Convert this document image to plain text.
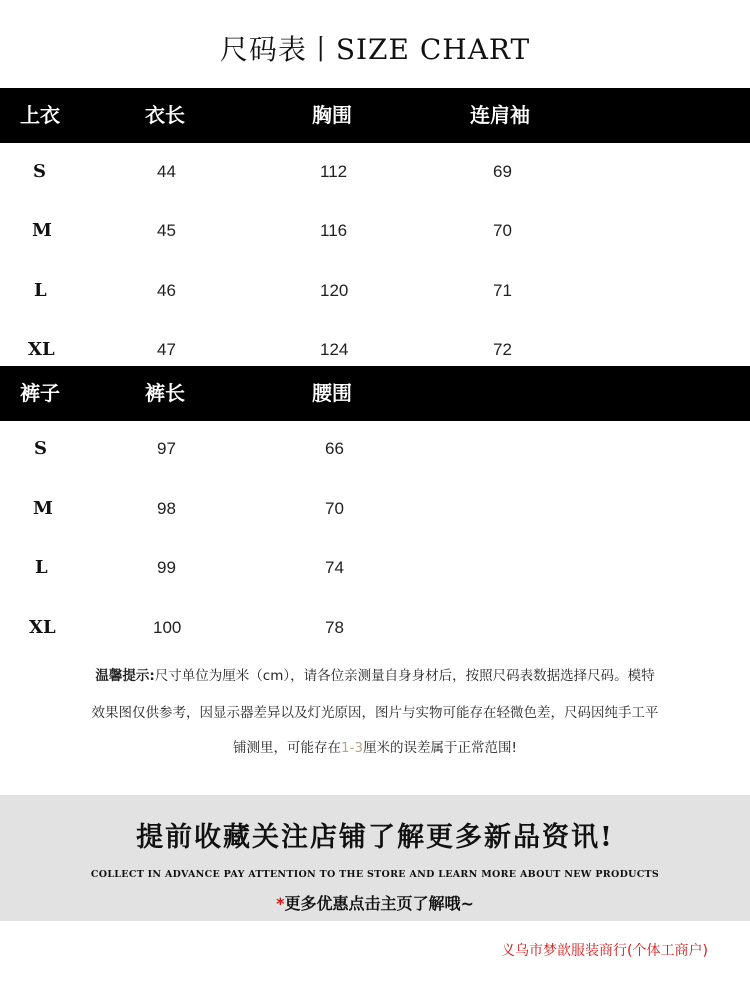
尺码表丨SIZE CHART
上衣	衣长	胸围	连肩袖
S	44	112	69
M	45	116	70
L	46	120	71
XL	47	124	72
裤子	裤长	腰围
S	97	66
M	98	70
L	99	74
XL	100	78
温馨提示:尺寸单位为厘米（cm），请各位亲测量自身身材后，按照尺码表数据选择尺码。模特
效果图仅供参考，因显示器差异以及灯光原因，图片与实物可能存在轻微色差，尺码因纯手工平
铺测里，可能存在1-3厘米的误差属于正常范围!
提前收藏关注店铺了解更多新品资讯!
COLLECT IN ADVANCE PAY ATTENTION TO THE STORE AND LEARN MORE ABOUT NEW PRODUCTS
*更多优惠点击主页了解哦~
义乌市梦歆服装商行(个体工商户)
